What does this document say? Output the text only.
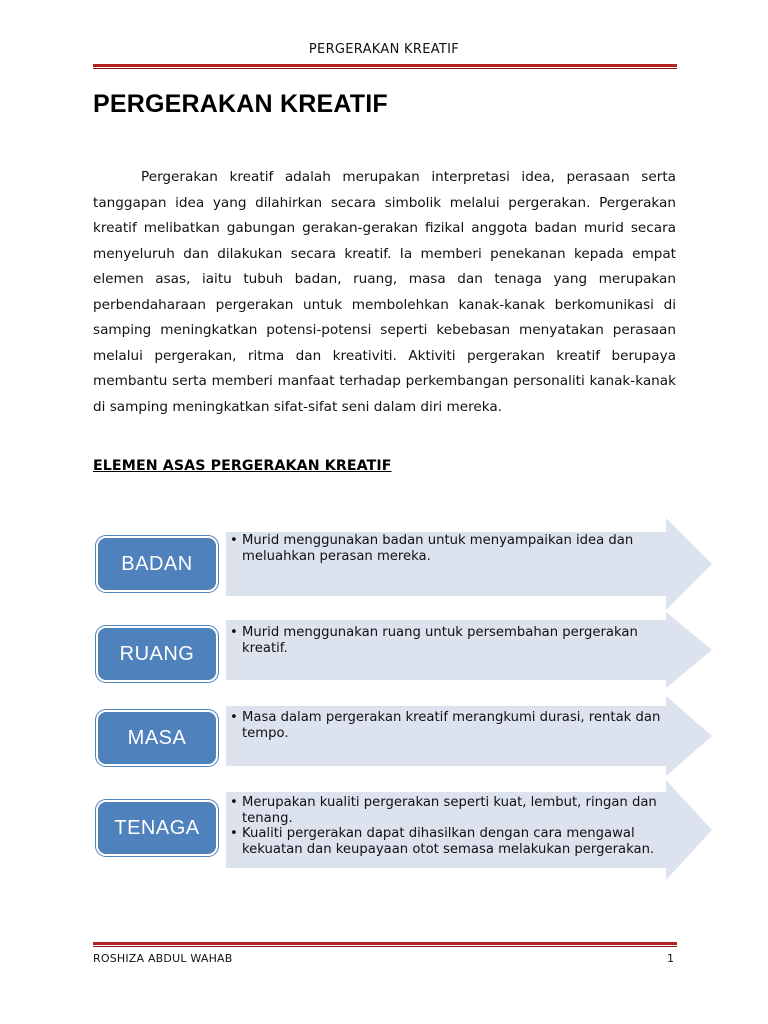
PERGERAKAN KREATIF
PERGERAKAN KREATIF

Pergerakan kreatif adalah merupakan interpretasi idea, perasaan serta tanggapan idea yang dilahirkan secara simbolik melalui pergerakan. Pergerakan kreatif melibatkan gabungan gerakan-gerakan fizikal anggota badan murid secara menyeluruh dan dilakukan secara kreatif. Ia memberi penekanan kepada empat elemen asas, iaitu tubuh badan, ruang, masa dan tenaga yang merupakan perbendaharaan pergerakan untuk membolehkan kanak-kanak berkomunikasi di samping meningkatkan potensi-potensi seperti kebebasan menyatakan perasaan melalui pergerakan, ritma dan kreativiti. Aktiviti pergerakan kreatif berupaya membantu serta memberi manfaat terhadap perkembangan personaliti kanak-kanak di samping meningkatkan sifat-sifat seni dalam diri mereka.

ELEMEN ASAS PERGERAKAN KREATIF
BADAN
• Murid menggunakan badan untuk menyampaikan idea dan meluahkan perasan mereka.
RUANG
• Murid menggunakan ruang untuk persembahan pergerakan kreatif.
MASA
• Masa dalam pergerakan kreatif merangkumi durasi, rentak dan tempo.
TENAGA
• Merupakan kualiti pergerakan seperti kuat, lembut, ringan dan tenang.
• Kualiti pergerakan dapat dihasilkan dengan cara mengawal kekuatan dan keupayaan otot semasa melakukan pergerakan.
ROSHIZA ABDUL WAHAB	1
